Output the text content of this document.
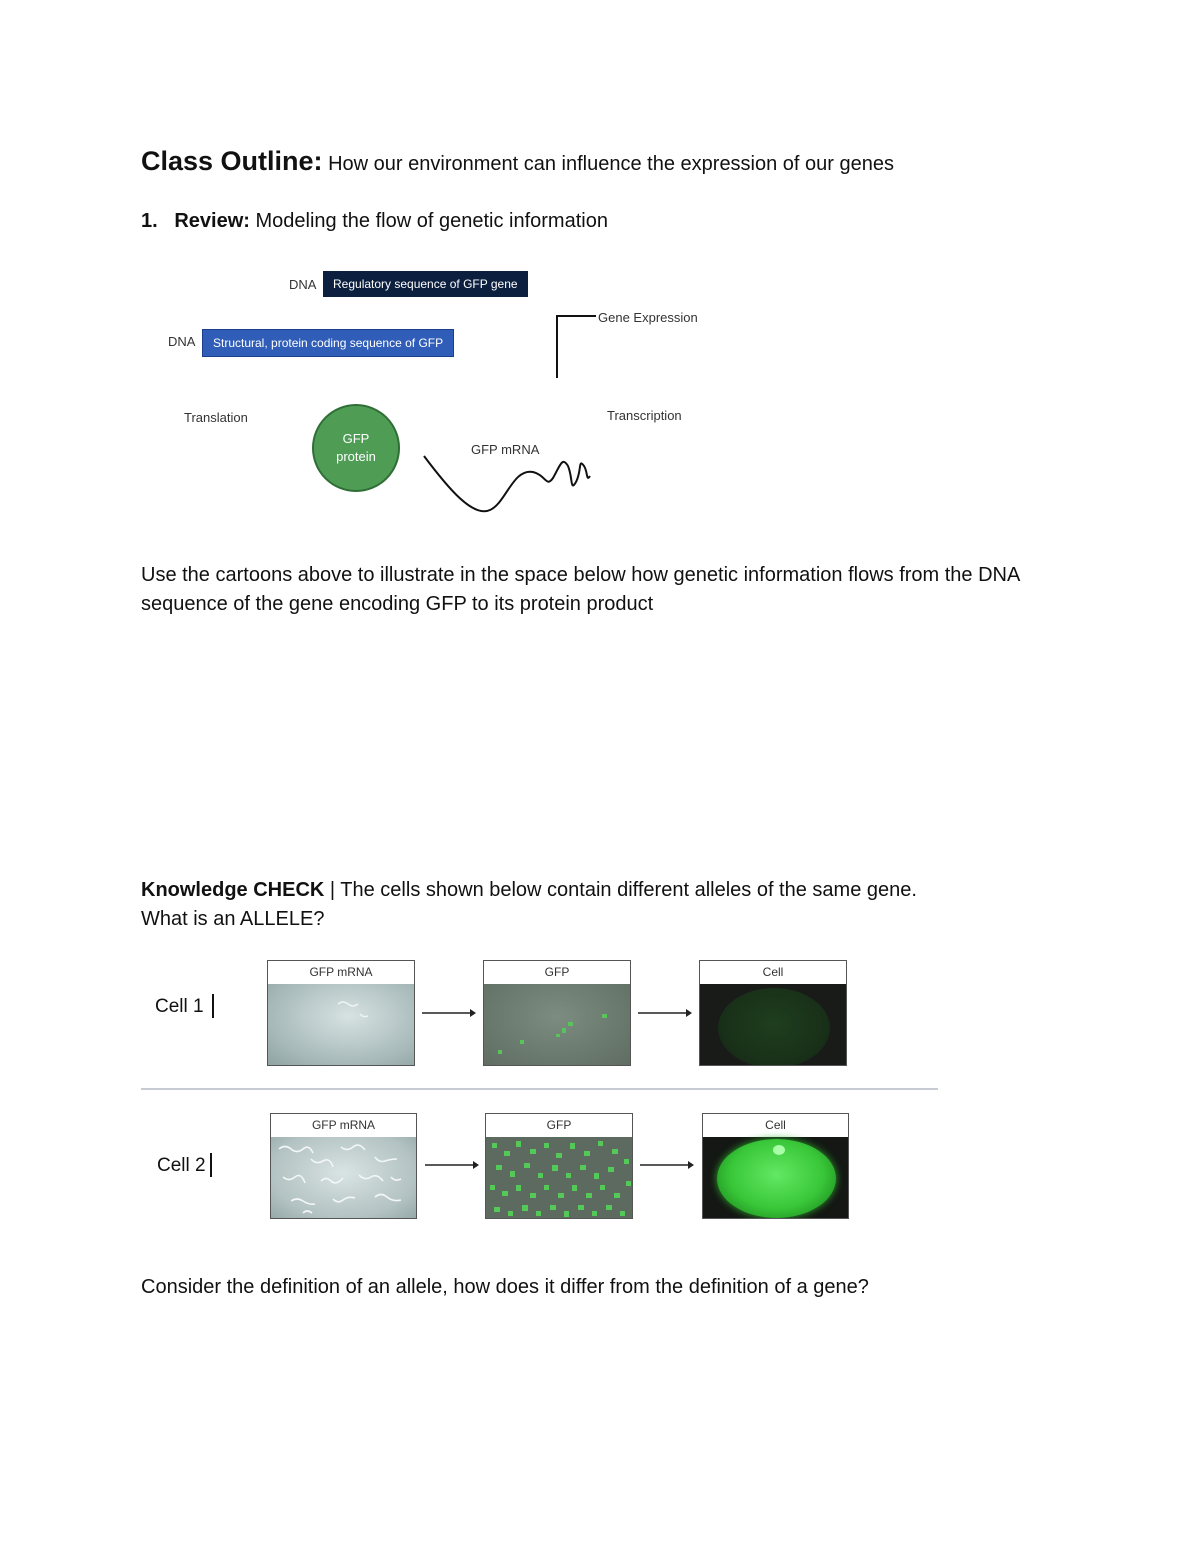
Class Outline: How our environment can influence the expression of our genes
1. Review: Modeling the flow of genetic information
DNA	Regulatory sequence of GFP gene
DNA	Structural, protein coding sequence of GFP
Gene Expression
Translation	Transcription
GFP
protein	GFP mRNA
Use the cartoons above to illustrate in the space below how genetic information flows from the DNA sequence of the gene encoding GFP to its protein product
Knowledge CHECK | The cells shown below contain different alleles of the same gene.
What is an ALLELE?
Cell 1
GFP mRNA	GFP	Cell
Cell 2
GFP mRNA	GFP	Cell
Consider the definition of an allele, how does it differ from the definition of a gene?
